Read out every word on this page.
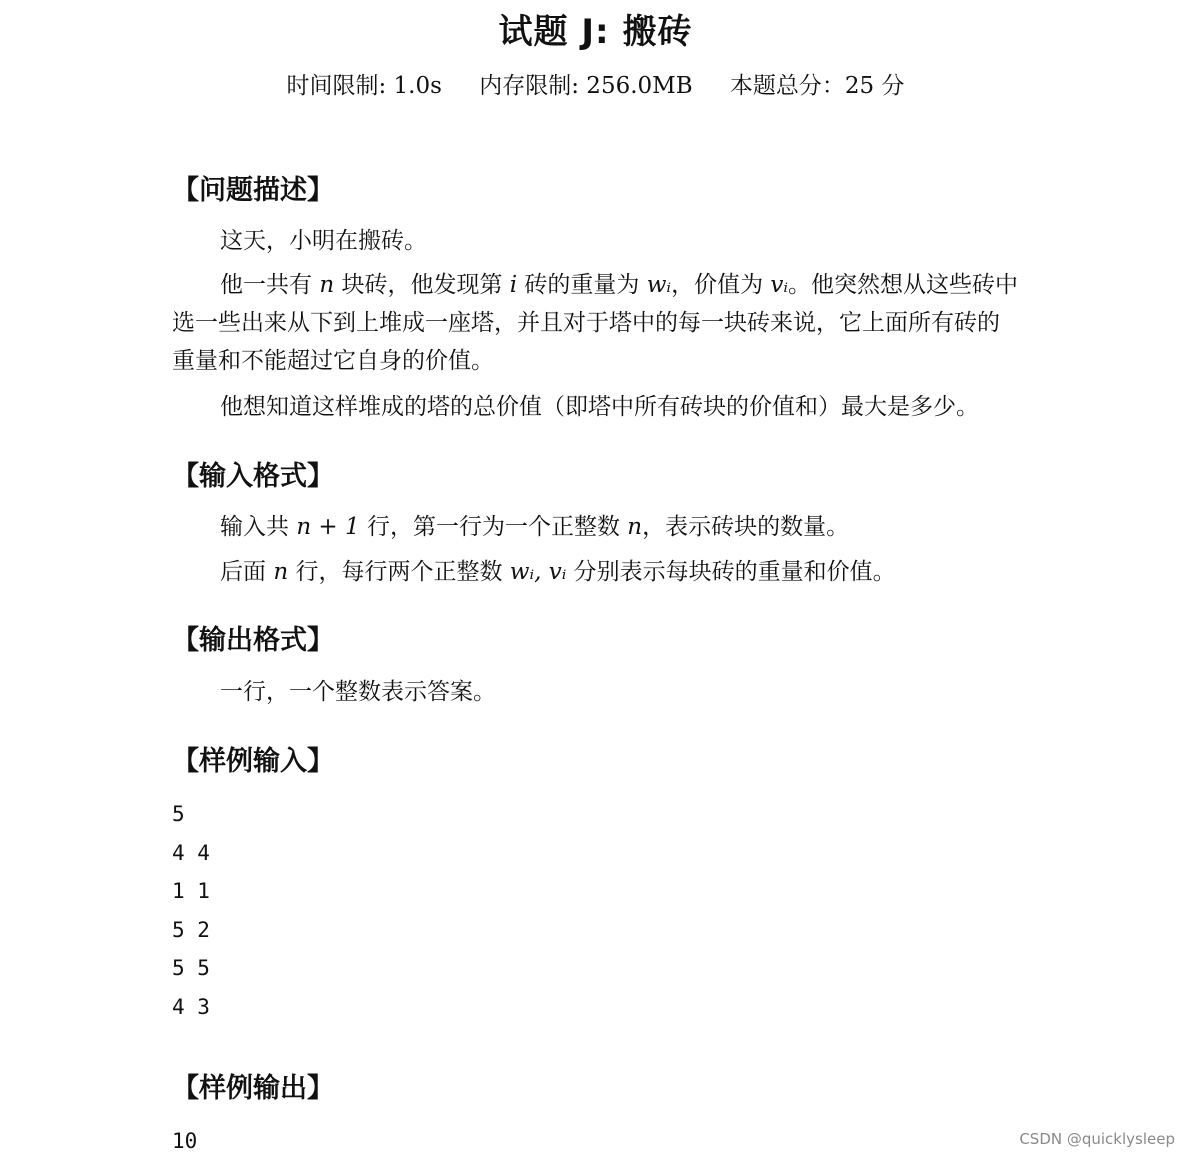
试题 J: 搬砖
时间限制: 1.0s 内存限制: 256.0MB 本题总分：25 分
【问题描述】
这天，小明在搬砖。
他一共有 n 块砖，他发现第 i 砖的重量为 wᵢ，价值为 vᵢ。他突然想从这些砖中选一些出来从下到上堆成一座塔，并且对于塔中的每一块砖来说，它上面所有砖的重量和不能超过它自身的价值。
他想知道这样堆成的塔的总价值（即塔中所有砖块的价值和）最大是多少。
【输入格式】
输入共 n + 1 行，第一行为一个正整数 n，表示砖块的数量。
后面 n 行，每行两个正整数 wᵢ, vᵢ 分别表示每块砖的重量和价值。
【输出格式】
一行，一个整数表示答案。
【样例输入】
5
4 4
1 1
5 2
5 5
4 3
【样例输出】
10	CSDN @quicklysleep
